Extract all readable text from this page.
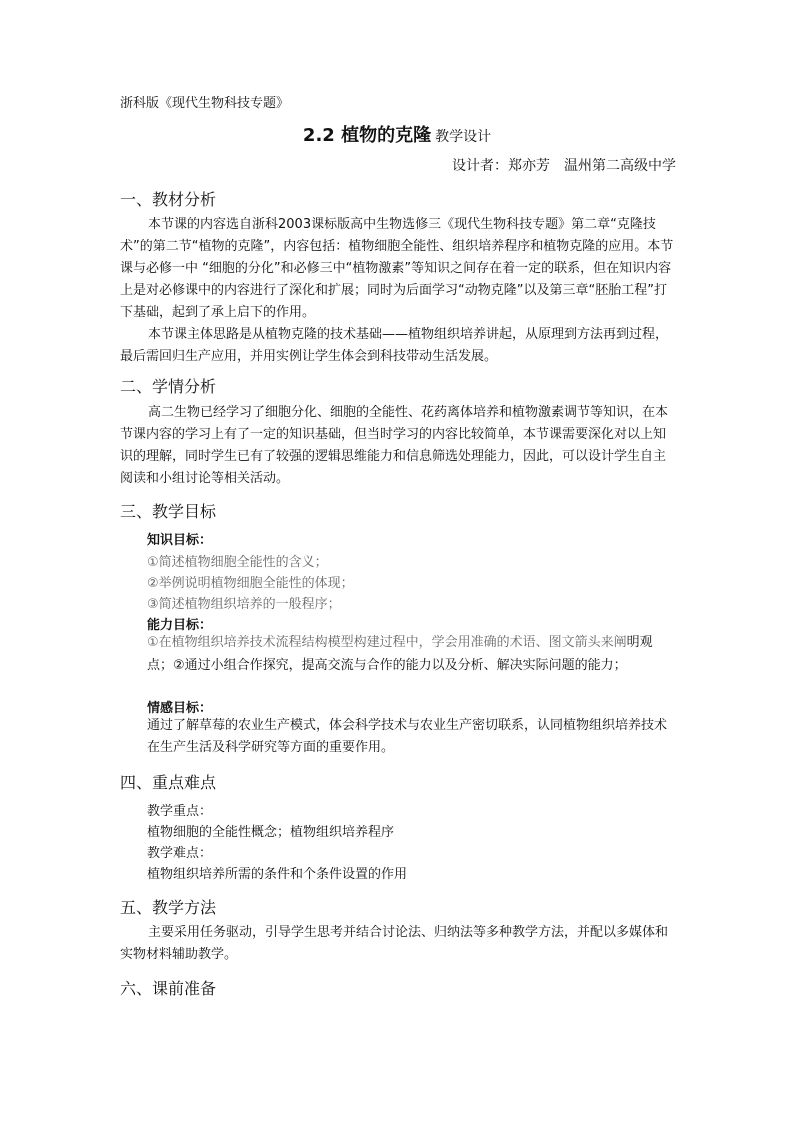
浙科版《现代生物科技专题》
2.2 植物的克隆 教学设计
设计者：郑亦芳 温州第二高级中学
一、教材分析
本节课的内容选自浙科2003课标版高中生物选修三《现代生物科技专题》第二章“克隆技术”的第二节“植物的克隆”，内容包括：植物细胞全能性、组织培养程序和植物克隆的应用。本节课与必修一中 “细胞的分化”和必修三中“植物激素”等知识之间存在着一定的联系，但在知识内容上是对必修课中的内容进行了深化和扩展；同时为后面学习“动物克隆”以及第三章“胚胎工程”打下基础，起到了承上启下的作用。
本节课主体思路是从植物克隆的技术基础——植物组织培养讲起，从原理到方法再到过程，最后需回归生产应用，并用实例让学生体会到科技带动生活发展。
二、学情分析
高二生物已经学习了细胞分化、细胞的全能性、花药离体培养和植物激素调节等知识，在本节课内容的学习上有了一定的知识基础，但当时学习的内容比较简单，本节课需要深化对以上知识的理解，同时学生已有了较强的逻辑思维能力和信息筛选处理能力，因此，可以设计学生自主阅读和小组讨论等相关活动。
三、教学目标
知识目标：
①简述植物细胞全能性的含义；
②举例说明植物细胞全能性的体现；
③简述植物组织培养的一般程序；
能力目标：
①在植物组织培养技术流程结构模型构建过程中，学会用准确的术语、图文箭头来阐明观点；②通过小组合作探究，提高交流与合作的能力以及分析、解决实际问题的能力；
情感目标：
通过了解草莓的农业生产模式，体会科学技术与农业生产密切联系，认同植物组织培养技术在生产生活及科学研究等方面的重要作用。
四、重点难点
教学重点：
植物细胞的全能性概念；植物组织培养程序
教学难点：
植物组织培养所需的条件和个条件设置的作用
五、教学方法
主要采用任务驱动，引导学生思考并结合讨论法、归纳法等多种教学方法，并配以多媒体和实物材料辅助教学。
六、课前准备
